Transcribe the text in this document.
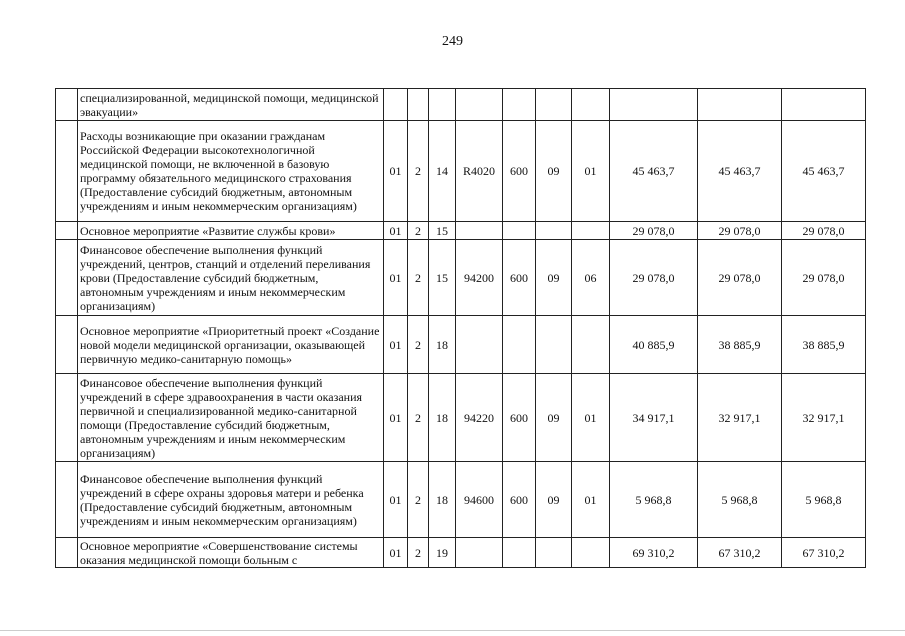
249
	специализированной, медицинской помощи, медицинской эвакуации»										
	Расходы возникающие при оказании гражданам Российской Федерации высокотехнологичной медицинской помощи, не включенной в базовую программу обязательного медицинского страхования (Предоставление субсидий бюджетным, автономным учреждениям и иным некоммерческим организациям)	01	2	14	R4020	600	09	01	45 463,7	45 463,7	45 463,7
	Основное мероприятие «Развитие службы крови»	01	2	15					29 078,0	29 078,0	29 078,0
	Финансовое обеспечение выполнения функций учреждений, центров, станций и отделений переливания крови (Предоставление субсидий бюджетным, автономным учреждениям и иным некоммерческим организациям)	01	2	15	94200	600	09	06	29 078,0	29 078,0	29 078,0
	Основное мероприятие «Приоритетный проект «Создание новой модели медицинской организации, оказывающей первичную медико-санитарную помощь»	01	2	18					40 885,9	38 885,9	38 885,9
	Финансовое обеспечение выполнения функций учреждений в сфере здравоохранения в части оказания первичной и специализированной медико-санитарной помощи (Предоставление субсидий бюджетным, автономным учреждениям и иным некоммерческим организациям)	01	2	18	94220	600	09	01	34 917,1	32 917,1	32 917,1
	Финансовое обеспечение выполнения функций учреждений в сфере охраны здоровья матери и ребенка (Предоставление субсидий бюджетным, автономным учреждениям и иным некоммерческим организациям)	01	2	18	94600	600	09	01	5 968,8	5 968,8	5 968,8
	Основное мероприятие «Совершенствование системы оказания медицинской помощи больным с	01	2	19					69 310,2	67 310,2	67 310,2
